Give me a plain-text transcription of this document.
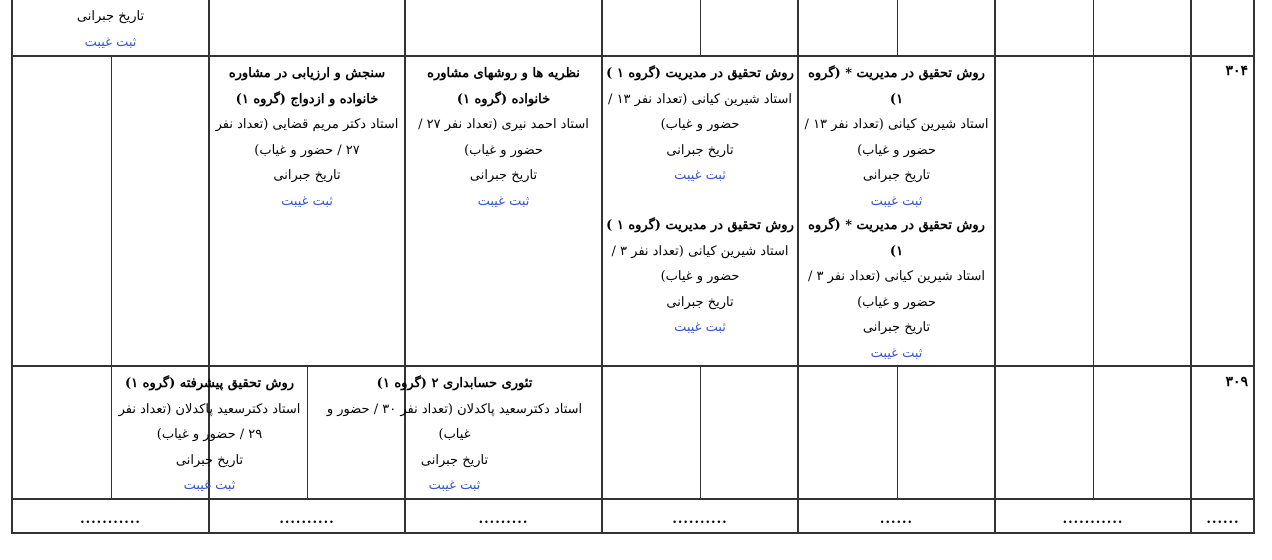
تاریخ جبرانی
ثبت غیبت
۳۰۴
روش تحقیق در مدیریت * (گروه ۱)
استاد شیرین کیانی (تعداد نفر ۱۳ / حضور و غیاب)
تاریخ جبرانی
ثبت غیبت
روش تحقیق در مدیریت * (گروه ۱)
استاد شیرین کیانی (تعداد نفر ۳ / حضور و غیاب)
تاریخ جبرانی
ثبت غیبت
روش تحقیق در مدیریت (گروه ۱ )
استاد شیرین کیانی (تعداد نفر ۱۳ / حضور و غیاب)
تاریخ جبرانی
ثبت غیبت
روش تحقیق در مدیریت (گروه ۱ )
استاد شیرین کیانی (تعداد نفر ۳ / حضور و غیاب)
تاریخ جبرانی
ثبت غیبت
نظریه ها و روشهای مشاوره خانواده (گروه ۱)
استاد احمد نیری (تعداد نفر ۲۷ / حضور و غیاب)
تاریخ جبرانی
ثبت غیبت
سنجش و ارزیابی در مشاوره خانواده و ازدواج (گروه ۱)
استاد دکتر مریم قضایی (تعداد نفر ۲۷ / حضور و غیاب)
تاریخ جبرانی
ثبت غیبت
۳۰۹
تئوری حسابداری ۲ (گروه ۱)
استاد دکترسعید پاکدلان (تعداد نفر ۳۰ / حضور و غیاب)
تاریخ جبرانی
ثبت غیبت
روش تحقیق پیشرفته (گروه ۱)
استاد دکترسعید پاکدلان (تعداد نفر ۲۹ / حضور و غیاب)
تاریخ جبرانی
ثبت غیبت
......
...........
......
..........
.........
..........
...........
